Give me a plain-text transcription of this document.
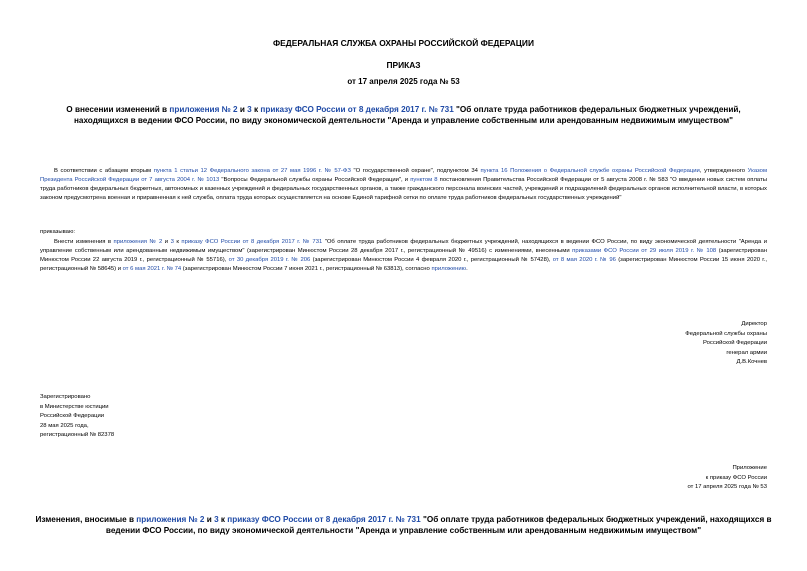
ФЕДЕРАЛЬНАЯ СЛУЖБА ОХРАНЫ РОССИЙСКОЙ ФЕДЕРАЦИИ
ПРИКАЗ
от 17 апреля 2025 года № 53
О внесении изменений в приложения № 2 и 3 к приказу ФСО России от 8 декабря 2017 г. № 731 "Об оплате труда работников федеральных бюджетных учреждений, находящихся в ведении ФСО России, по виду экономической деятельности "Аренда и управление собственным или арендованным недвижимым имуществом"
В соответствии с абзацем вторым пункта 1 статьи 12 Федерального закона от 27 мая 1996 г. № 57-ФЗ "О государственной охране", подпунктом 34 пункта 16 Положения о Федеральной службе охраны Российской Федерации, утвержденного Указом Президента Российской Федерации от 7 августа 2004 г. № 1013 "Вопросы Федеральной службы охраны Российской Федерации", и пунктом 8 постановления Правительства Российской Федерации от 5 августа 2008 г. № 583 "О введении новых систем оплаты труда работников федеральных бюджетных, автономных и казенных учреждений и федеральных государственных органов, а также гражданского персонала воинских частей, учреждений и подразделений федеральных органов исполнительной власти, в которых законом предусмотрена военная и приравненная к ней служба, оплата труда которых осуществляется на основе Единой тарифной сетки по оплате труда работников федеральных государственных учреждений"
приказываю:
Внести изменения в приложения № 2 и 3 к приказу ФСО России от 8 декабря 2017 г. № 731 "Об оплате труда работников федеральных бюджетных учреждений, находящихся в ведении ФСО России, по виду экономической деятельности "Аренда и управление собственным или арендованным недвижимым имуществом" (зарегистрирован Минюстом России 28 декабря 2017 г., регистрационный № 49516) с изменениями, внесенными приказами ФСО России от 29 июля 2019 г. № 108 (зарегистрирован Минюстом России 22 августа 2019 г., регистрационный № 55716), от 30 декабря 2019 г. № 206 (зарегистрирован Минюстом России 4 февраля 2020 г., регистрационный № 57428), от 8 мая 2020 г. № 96 (зарегистрирован Минюстом России 15 июня 2020 г., регистрационный № 58645) и от 6 мая 2021 г. № 74 (зарегистрирован Минюстом России 7 июня 2021 г., регистрационный № 63813), согласно приложению.
Директор
Федеральной службы охраны
Российской Федерации
генерал армии
Д.В.Кочнев
Зарегистрировано
в Министерстве юстиции
Российской Федерации
28 мая 2025 года,
регистрационный № 82378
Приложение
к приказу ФСО России
от 17 апреля 2025 года № 53
Изменения, вносимые в приложения № 2 и 3 к приказу ФСО России от 8 декабря 2017 г. № 731 "Об оплате труда работников федеральных бюджетных учреждений, находящихся в ведении ФСО России, по виду экономической деятельности "Аренда и управление собственным или арендованным недвижимым имуществом"
